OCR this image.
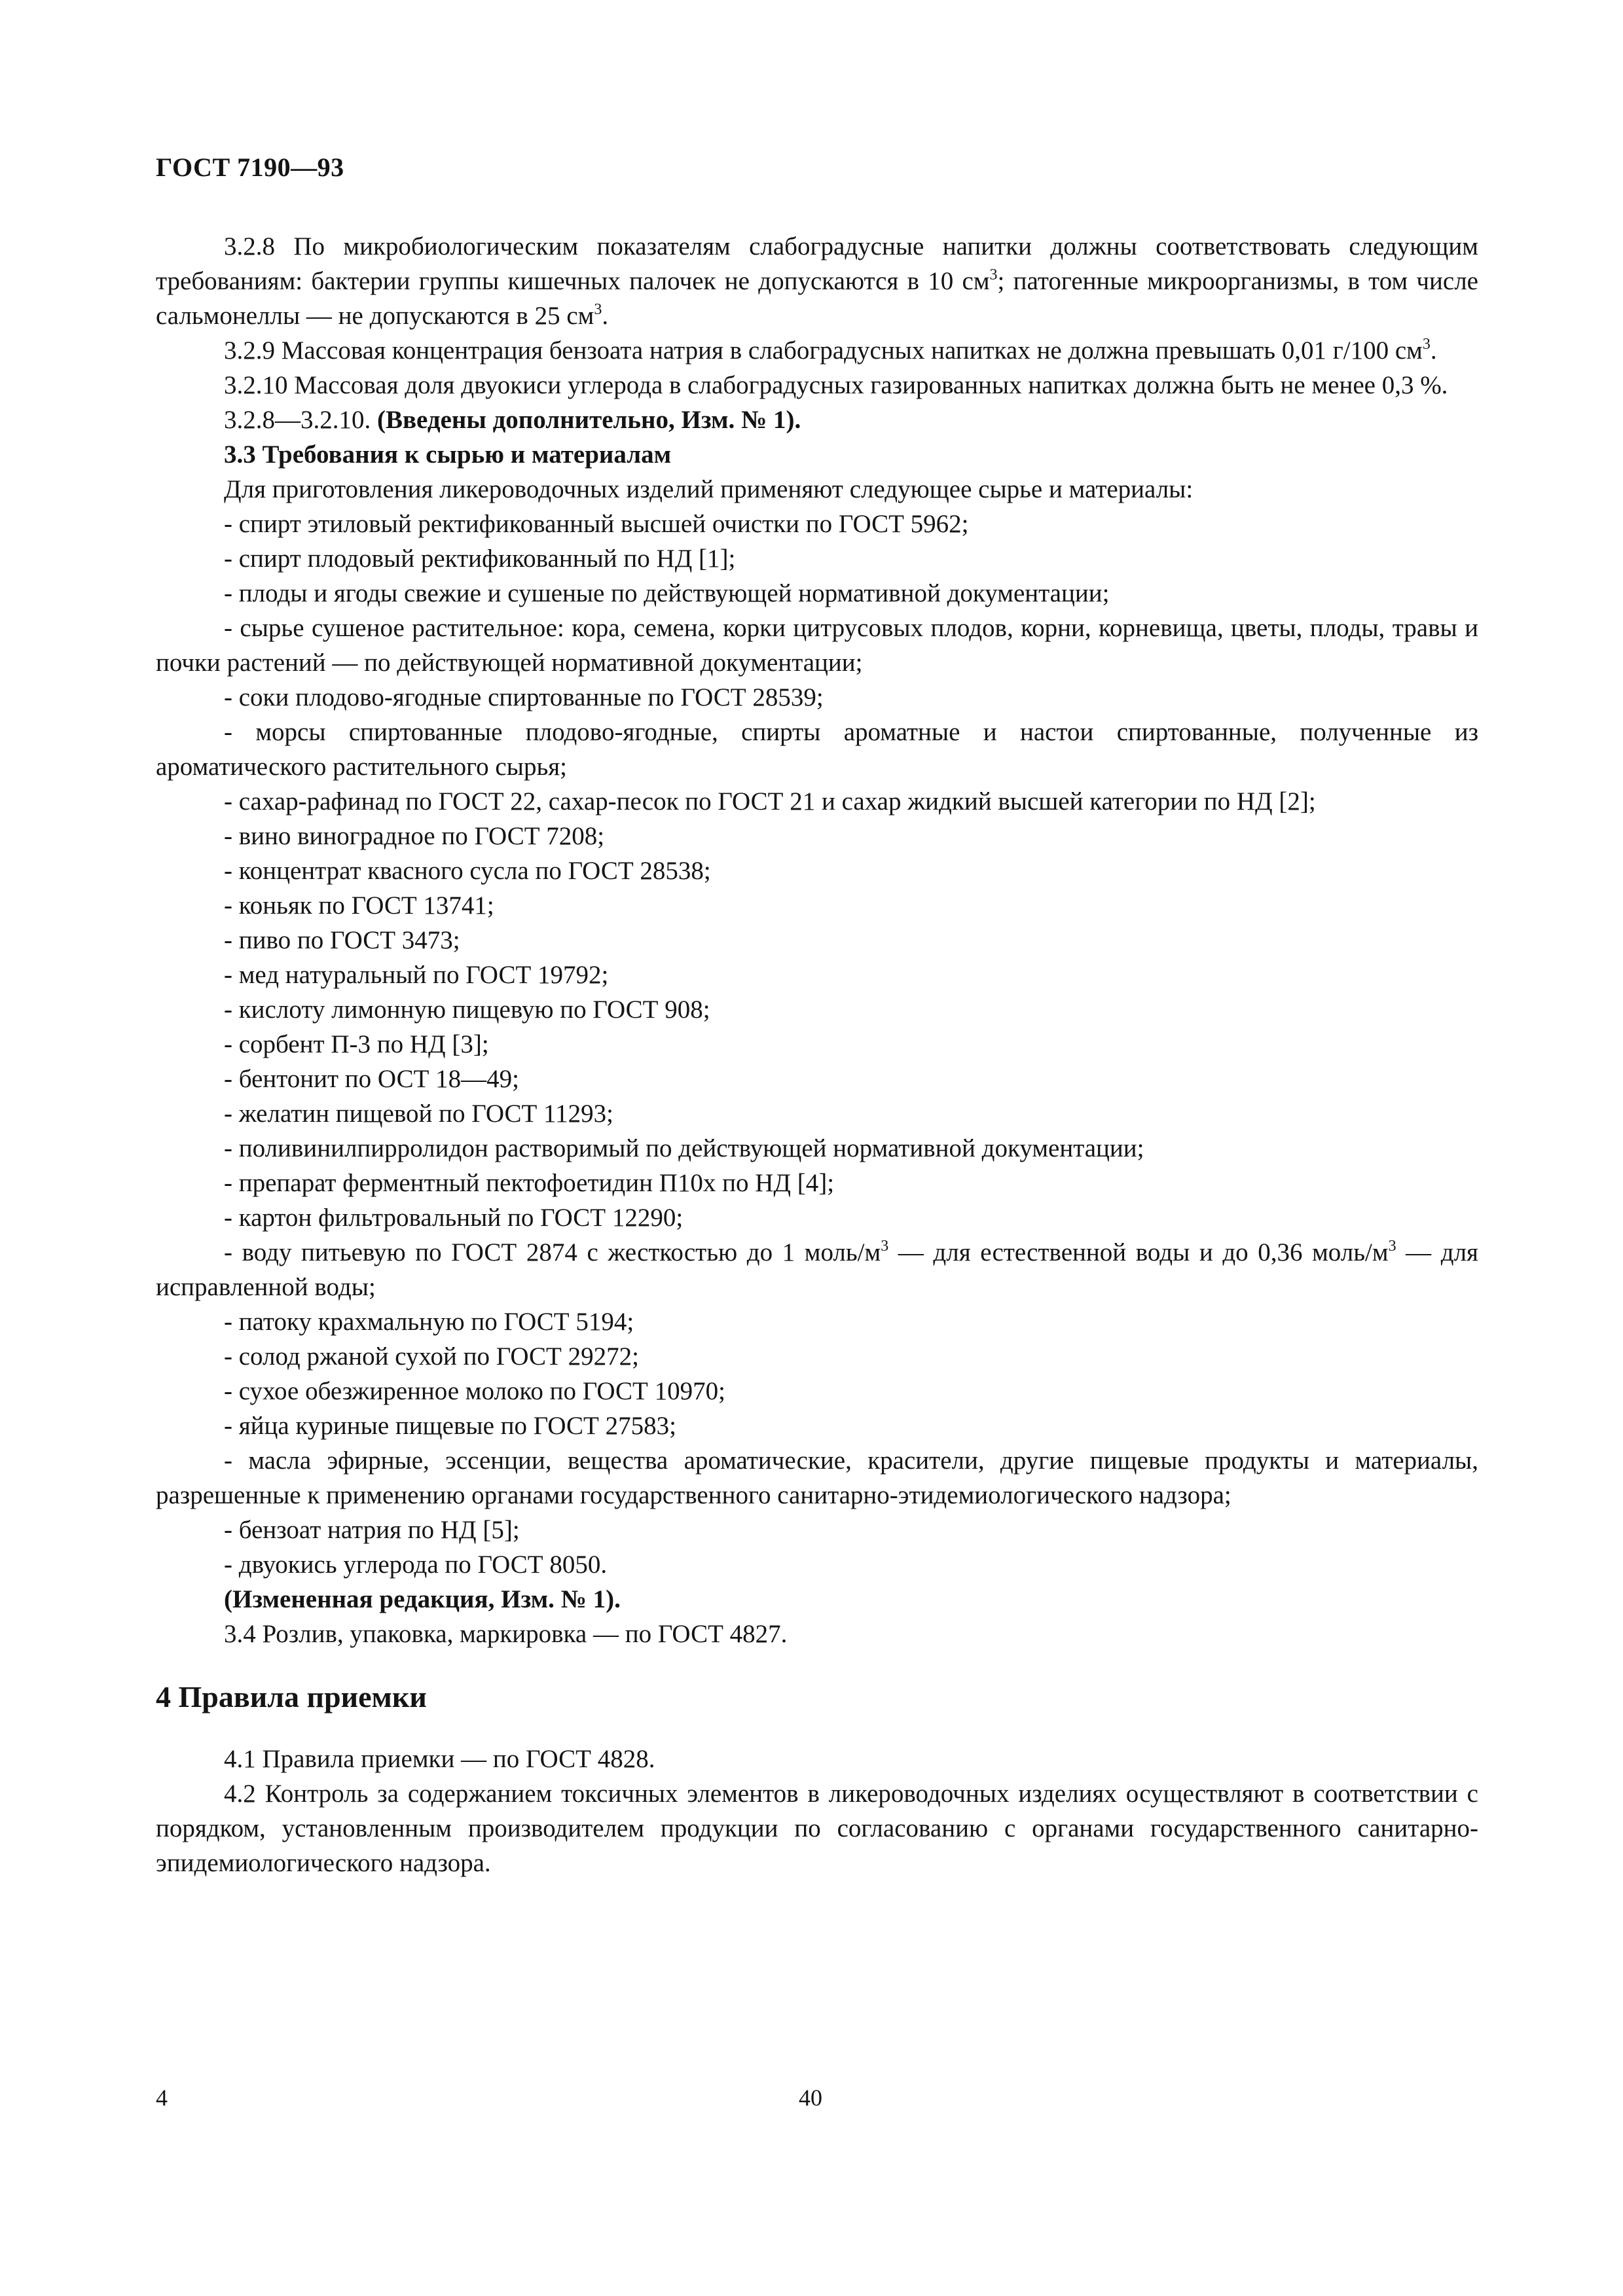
ГОСТ 7190—93

3.2.8 По микробиологическим показателям слабоградусные напитки должны соответствовать следующим требованиям: бактерии группы кишечных палочек не допускаются в 10 $см^3$; патогенные микроорганизмы, в том числе сальмонеллы — не допускаются в 25 $см^3$.

3.2.9 Массовая концентрация бензоата натрия в слабоградусных напитках не должна превышать 0,01 г/100 $см^3$.

3.2.10 Массовая доля двуокиси углерода в слабоградусных газированных напитках должна быть не менее 0,3 %.

3.2.8—3.2.10. (Введены дополнительно, Изм. № 1).

3.3 Требования к сырью и материалам

Для приготовления ликероводочных изделий применяют следующее сырье и материалы:

- спирт этиловый ректификованный высшей очистки по ГОСТ 5962;

- спирт плодовый ректификованный по НД [1];

- плоды и ягоды свежие и сушеные по действующей нормативной документации;

- сырье сушеное растительное: кора, семена, корки цитрусовых плодов, корни, корневища, цветы, плоды, травы и почки растений — по действующей нормативной документации;

- соки плодово-ягодные спиртованные по ГОСТ 28539;

- морсы спиртованные плодово-ягодные, спирты ароматные и настои спиртованные, полученные из ароматического растительного сырья;

- сахар-рафинад по ГОСТ 22, сахар-песок по ГОСТ 21 и сахар жидкий высшей категории по НД [2];

- вино виноградное по ГОСТ 7208;

- концентрат квасного сусла по ГОСТ 28538;

- коньяк по ГОСТ 13741;

- пиво по ГОСТ 3473;

- мед натуральный по ГОСТ 19792;

- кислоту лимонную пищевую по ГОСТ 908;

- сорбент П-3 по НД [3];

- бентонит по ОСТ 18—49;

- желатин пищевой по ГОСТ 11293;

- поливинилпирролидон растворимый по действующей нормативной документации;

- препарат ферментный пектофоетидин П10х по НД [4];

- картон фильтровальный по ГОСТ 12290;

- воду питьевую по ГОСТ 2874 с жесткостью до 1 моль/$м^3$ — для естественной воды и до 0,36 моль/$м^3$ — для исправленной воды;

- патоку крахмальную по ГОСТ 5194;

- солод ржаной сухой по ГОСТ 29272;

- сухое обезжиренное молоко по ГОСТ 10970;

- яйца куриные пищевые по ГОСТ 27583;

- масла эфирные, эссенции, вещества ароматические, красители, другие пищевые продукты и материалы, разрешенные к применению органами государственного санитарно-этидемиологического надзора;

- бензоат натрия по НД [5];

- двуокись углерода по ГОСТ 8050.

(Измененная редакция, Изм. № 1).

3.4 Розлив, упаковка, маркировка — по ГОСТ 4827.

4 Правила приемки

4.1 Правила приемки — по ГОСТ 4828.

4.2 Контроль за содержанием токсичных элементов в ликероводочных изделиях осуществляют в соответствии с порядком, установленным производителем продукции по согласованию с органами государственного санитарно-эпидемиологического надзора.

4	40
